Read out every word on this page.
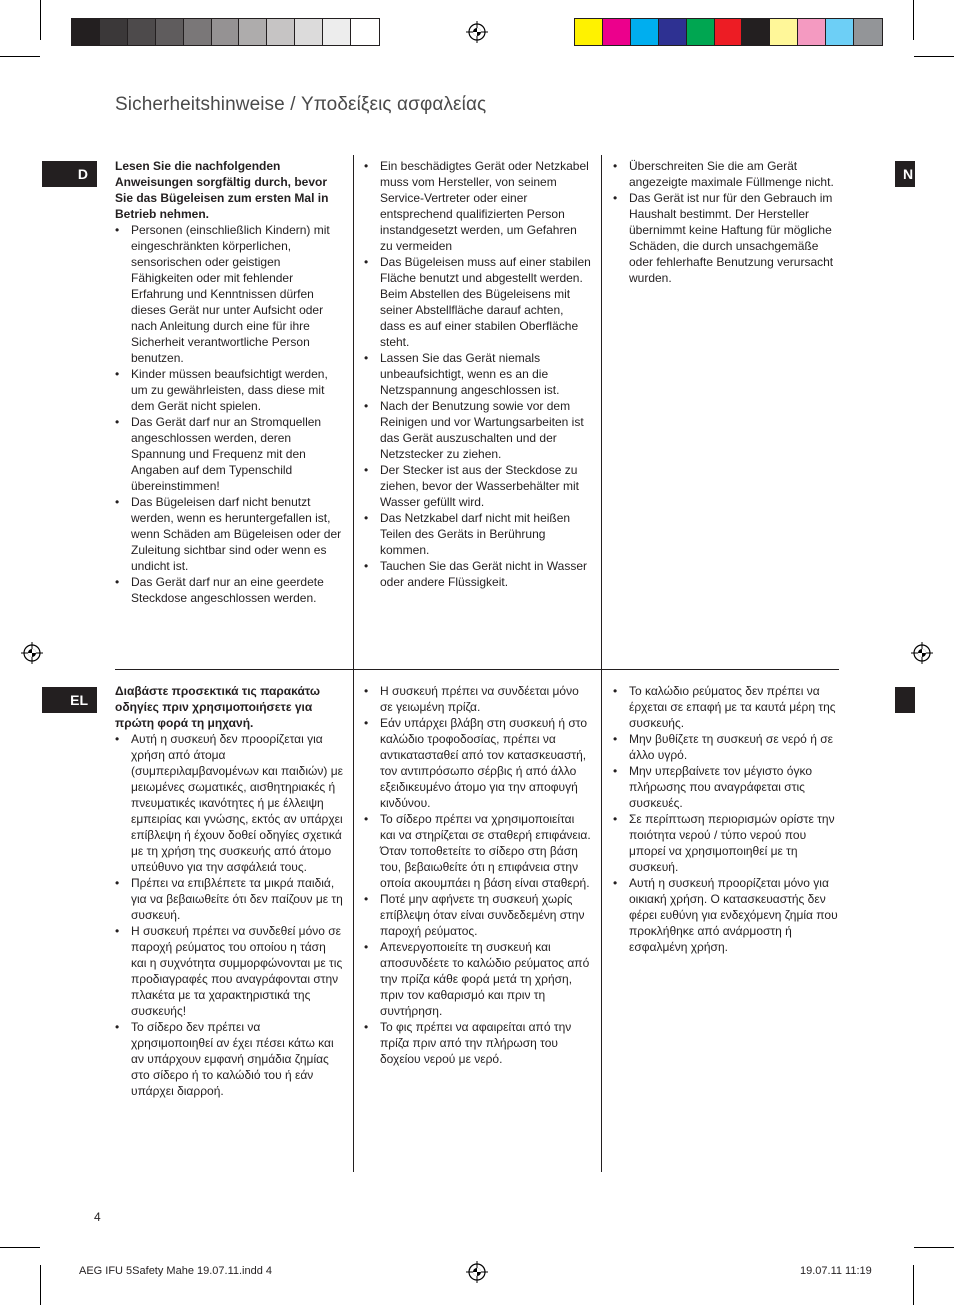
Sicherheitshinweise / Υποδείξεις ασφαλείας
D	N
EL

Lesen Sie die nachfolgenden Anweisungen sorgfältig durch, bevor Sie das Bügeleisen zum ersten Mal in Betrieb nehmen.

• Personen (einschließlich Kindern) mit eingeschränkten körperlichen, sensorischen oder geistigen Fähigkeiten oder mit fehlender Erfahrung und Kenntnissen dürfen dieses Gerät nur unter Aufsicht oder nach Anleitung durch eine für ihre Sicherheit verantwortliche Person benutzen.
• Kinder müssen beaufsichtigt werden, um zu gewährleisten, dass diese mit dem Gerät nicht spielen.
• Das Gerät darf nur an Stromquellen angeschlossen werden, deren Spannung und Frequenz mit den Angaben auf dem Typenschild übereinstimmen!
• Das Bügeleisen darf nicht benutzt werden, wenn es heruntergefallen ist, wenn Schäden am Bügeleisen oder der Zuleitung sichtbar sind oder wenn es undicht ist.
• Das Gerät darf nur an eine geerdete Steckdose angeschlossen werden.
• Ein beschädigtes Gerät oder Netzkabel muss vom Hersteller, von seinem Service-Vertreter oder einer entsprechend qualifizierten Person instandgesetzt werden, um Gefahren zu vermeiden
• Das Bügeleisen muss auf einer stabilen Fläche benutzt und abgestellt werden. Beim Abstellen des Bügeleisens mit seiner Abstellfläche darauf achten, dass es auf einer stabilen Oberfläche steht.
• Lassen Sie das Gerät niemals unbeaufsichtigt, wenn es an die Netzspannung angeschlossen ist.
• Nach der Benutzung sowie vor dem Reinigen und vor Wartungsarbeiten ist das Gerät auszuschalten und der Netzstecker zu ziehen.
• Der Stecker ist aus der Steckdose zu ziehen, bevor der Wasserbehälter mit Wasser gefüllt wird.
• Das Netzkabel darf nicht mit heißen Teilen des Geräts in Berührung kommen.
• Tauchen Sie das Gerät nicht in Wasser oder andere Flüssigkeit.
• Überschreiten Sie die am Gerät angezeigte maximale Füllmenge nicht.
• Das Gerät ist nur für den Gebrauch im Haushalt bestimmt. Der Hersteller übernimmt keine Haftung für mögliche Schäden, die durch unsachgemäße oder fehlerhafte Benutzung verursacht wurden.

Διαβάστε προσεκτικά τις παρακάτω οδηγίες πριν χρησιμοποιήσετε για πρώτη φορά τη μηχανή.

• Αυτή η συσκευή δεν προορίζεται για χρήση από άτομα (συμπεριλαμβανομένων και παιδιών) με μειωμένες σωματικές, αισθητηριακές ή πνευματικές ικανότητες ή με έλλειψη εμπειρίας και γνώσης, εκτός αν υπάρχει επίβλεψη ή έχουν δοθεί οδηγίες σχετικά με τη χρήση της συσκευής από άτομο υπεύθυνο για την ασφάλειά τους.
• Πρέπει να επιβλέπετε τα μικρά παιδιά, για να βεβαιωθείτε ότι δεν παίζουν με τη συσκευή.
• Η συσκευή πρέπει να συνδεθεί μόνο σε παροχή ρεύματος του οποίου η τάση και η συχνότητα συμμορφώνονται με τις προδιαγραφές που αναγράφονται στην πλακέτα με τα χαρακτηριστικά της συσκευής!
• Το σίδερο δεν πρέπει να χρησιμοποιηθεί αν έχει πέσει κάτω και αν υπάρχουν εμφανή σημάδια ζημίας στο σίδερο ή το καλώδιό του ή εάν υπάρχει διαρροή.
• Η συσκευή πρέπει να συνδέεται μόνο σε γειωμένη πρίζα.
• Εάν υπάρχει βλάβη στη συσκευή ή στο καλώδιο τροφοδοσίας, πρέπει να αντικατασταθεί από τον κατασκευαστή, τον αντιπρόσωπο σέρβις ή από άλλο εξειδικευμένο άτομο για την αποφυγή κινδύνου.
• Το σίδερο πρέπει να χρησιμοποιείται και να στηρίζεται σε σταθερή επιφάνεια. Όταν τοποθετείτε το σίδερο στη βάση του, βεβαιωθείτε ότι η επιφάνεια στην οποία ακουμπάει η βάση είναι σταθερή.
• Ποτέ μην αφήνετε τη συσκευή χωρίς επίβλεψη όταν είναι συνδεδεμένη στην παροχή ρεύματος.
• Απενεργοποιείτε τη συσκευή και αποσυνδέετε το καλώδιο ρεύματος από την πρίζα κάθε φορά μετά τη χρήση, πριν τον καθαρισμό και πριν τη συντήρηση.
• Το φις πρέπει να αφαιρείται από την πρίζα πριν από την πλήρωση του δοχείου νερού με νερό.
• Το καλώδιο ρεύματος δεν πρέπει να έρχεται σε επαφή με τα καυτά μέρη της συσκευής.
• Μην βυθίζετε τη συσκευή σε νερό ή σε άλλο υγρό.
• Μην υπερβαίνετε τον μέγιστο όγκο πλήρωσης που αναγράφεται στις συσκευές.
• Σε περίπτωση περιορισμών ορίστε την ποιότητα νερού / τύπο νερού που μπορεί να χρησιμοποιηθεί με τη συσκευή.
• Αυτή η συσκευή προορίζεται μόνο για οικιακή χρήση. Ο κατασκευαστής δεν φέρει ευθύνη για ενδεχόμενη ζημία που προκλήθηκε από ανάρμοστη ή εσφαλμένη χρήση.
4
AEG IFU 5Safety Mahe 19.07.11.indd 4	19.07.11 11:19
